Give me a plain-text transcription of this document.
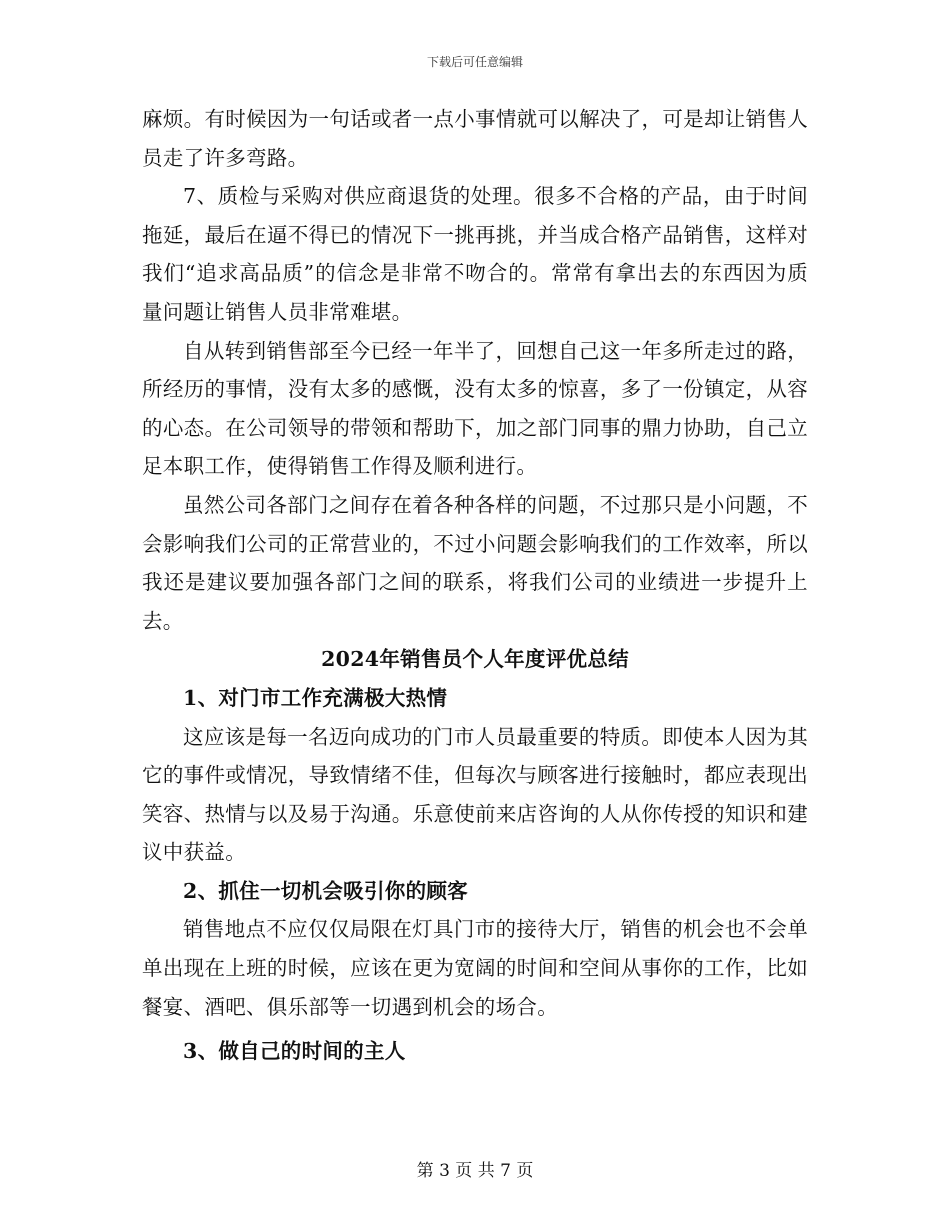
下载后可任意编辑

麻烦。有时候因为一句话或者一点小事情就可以解决了，可是却让销售人员走了许多弯路。

7、质检与采购对供应商退货的处理。很多不合格的产品，由于时间拖延，最后在逼不得已的情况下一挑再挑，并当成合格产品销售，这样对我们“追求高品质”的信念是非常不吻合的。常常有拿出去的东西因为质量问题让销售人员非常难堪。

自从转到销售部至今已经一年半了，回想自己这一年多所走过的路，所经历的事情，没有太多的感慨，没有太多的惊喜，多了一份镇定，从容的心态。在公司领导的带领和帮助下，加之部门同事的鼎力协助，自己立足本职工作，使得销售工作得及顺利进行。

虽然公司各部门之间存在着各种各样的问题，不过那只是小问题，不会影响我们公司的正常营业的，不过小问题会影响我们的工作效率，所以我还是建议要加强各部门之间的联系，将我们公司的业绩进一步提升上去。

2024年销售员个人年度评优总结

1、对门市工作充满极大热情

这应该是每一名迈向成功的门市人员最重要的特质。即使本人因为其它的事件或情况，导致情绪不佳，但每次与顾客进行接触时，都应表现出笑容、热情与以及易于沟通。乐意使前来店咨询的人从你传授的知识和建议中获益。

2、抓住一切机会吸引你的顾客

销售地点不应仅仅局限在灯具门市的接待大厅，销售的机会也不会单单出现在上班的时候，应该在更为宽阔的时间和空间从事你的工作，比如餐宴、酒吧、俱乐部等一切遇到机会的场合。

3、做自己的时间的主人

第 3 页 共 7 页
